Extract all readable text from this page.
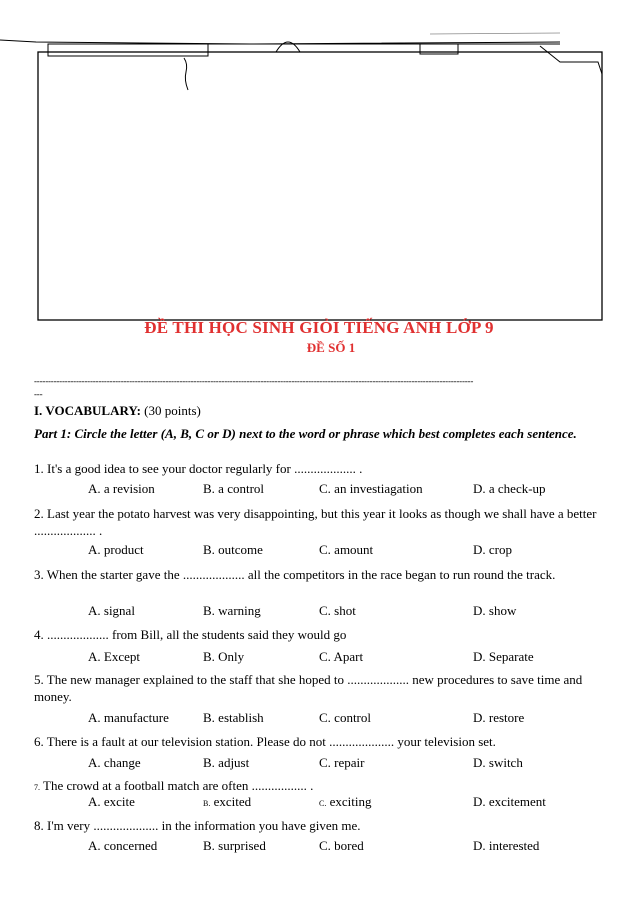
ĐỀ THI HỌC SINH GIỎI TIẾNG ANH LỚP 9
ĐỀ SỐ 1
-------------------------------------------------------------------------------------------------------------------------------------------------------------
---
I. VOCABULARY: (30 points)
Part 1: Circle the letter (A, B, C or D) next to the word or phrase which best completes each sentence.
1. It's a good idea to see your doctor regularly for ................... .
A. a revision	B. a control	C. an investiagation	D. a check-up
2. Last year the potato harvest was very disappointing, but this year it looks as though we shall have a better ................... .
A. product	B. outcome	C. amount	D. crop
3. When the starter gave the ................... all the competitors in the race began to run round the track.
A. signal	B. warning	C. shot	D. show
4. ................... from Bill, all the students said they would go
A. Except	B. Only	C. Apart	D. Separate
5. The new manager explained to the staff that she hoped to ................... new procedures to save time and money.
A. manufacture	B. establish	C. control	D. restore
6. There is a fault at our television station. Please do not .................... your television set.
A. change	B. adjust	C. repair	D. switch
7. The crowd at a football match are often ................. .
A. excite	B. excited	C. exciting	D. excitement
8. I'm very .................... in the information you have given me.
A. concerned	B. surprised	C. bored	D. interested
